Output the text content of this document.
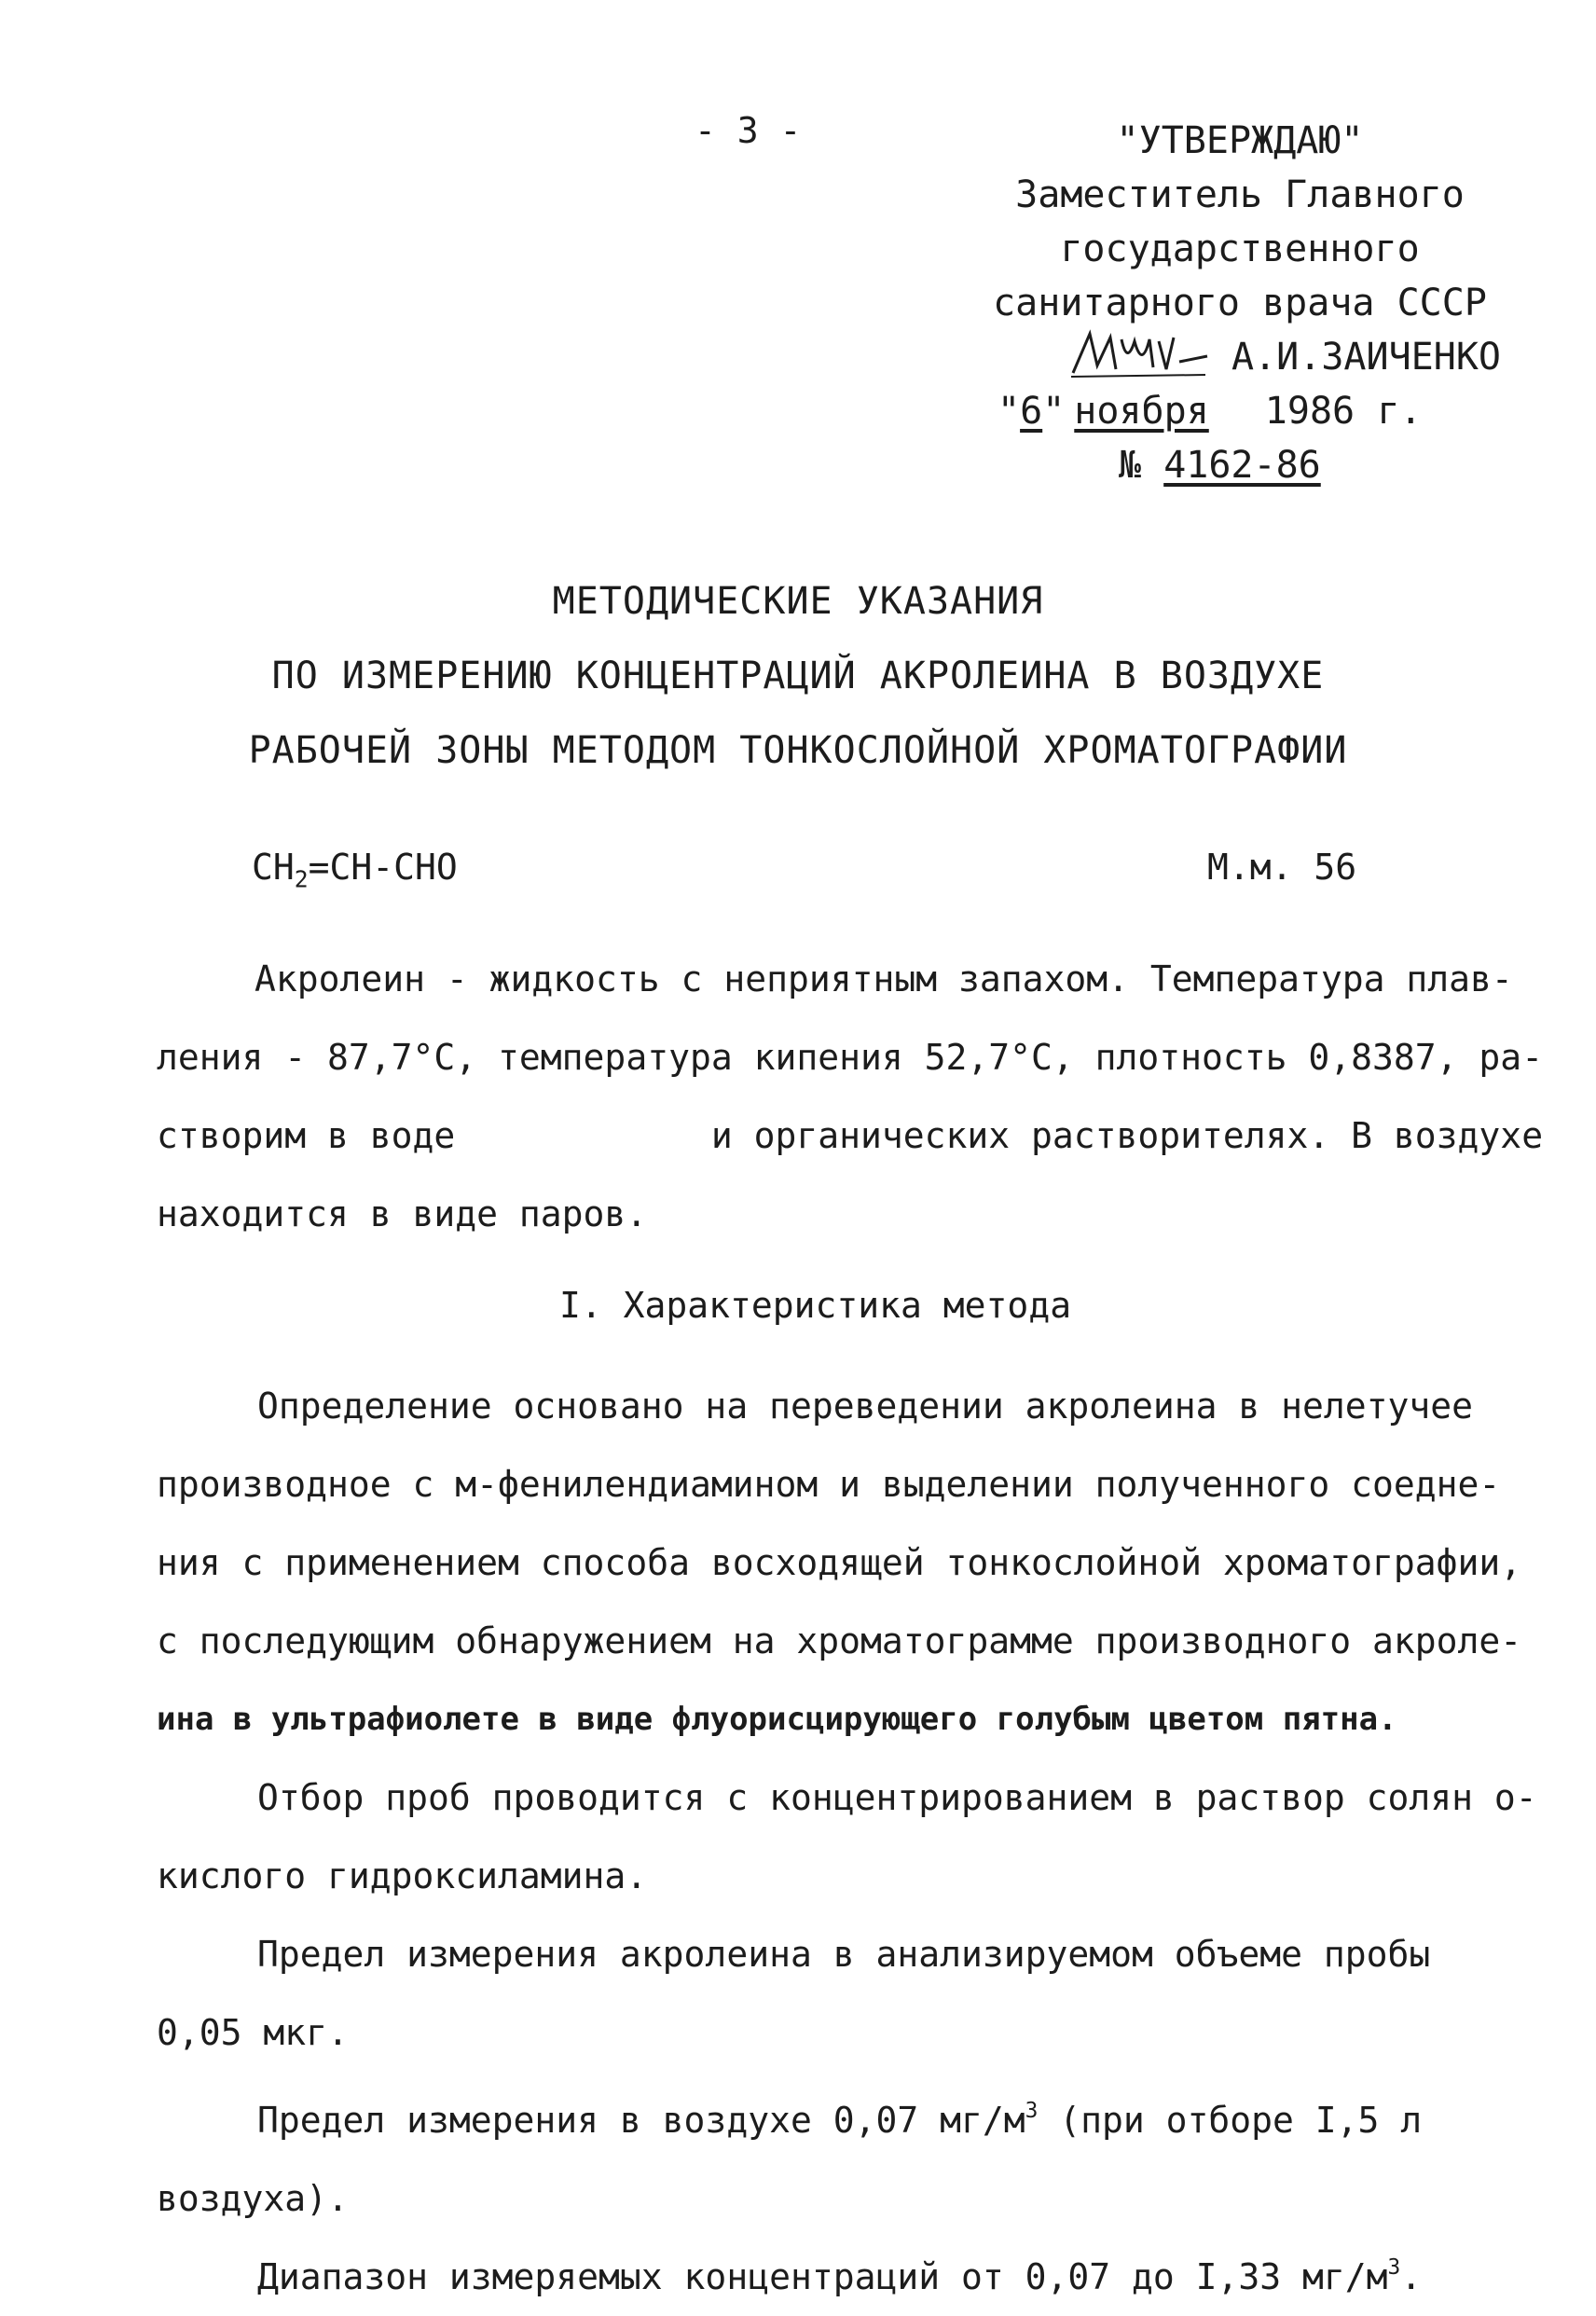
- 3 -	"УТВЕРЖДАЮ"
Заместитель Главного
государственного
санитарного врача СССР
А.И.ЗАИЧЕНКО
"6" ноября 1986 г.
№ 4162-86
МЕТОДИЧЕСКИЕ УКАЗАНИЯ
ПО ИЗМЕРЕНИЮ КОНЦЕНТРАЦИЙ АКРОЛЕИНА В ВОЗДУХЕ
РАБОЧЕЙ ЗОНЫ МЕТОДОМ ТОНКОСЛОЙНОЙ ХРОМАТОГРАФИИ
$CH_2=CH$-CHO	М.м. 56
Акролеин - жидкость с неприятным запахом. Температура плав-
ления - 87,7°С, температура кипения 52,7°С, плотность 0,8387, ра-
створим в воде            и органических растворителях. В воздухе
находится в виде паров.
I. Характеристика метода
Определение основано на переведении акролеина в нелетучее
производное с м-фенилендиамином и выделении полученного соедне-
ния с применением способа восходящей тонкослойной хроматографии,
с последующим обнаружением на хроматограмме производного акроле-
ина в ультрафиолете в виде флуорисцирующего голубым цветом пятна.
Отбор проб проводится с концентрированием в раствор солян о-
кислого гидроксиламина.
Предел измерения акролеина в анализируемом объеме пробы
0,05 мкг.
Предел измерения в воздухе 0,07 $мг/м^3$ (при отборе I,5 л
воздуха).
Диапазон измеряемых концентраций от 0,07 до I,33 $мг/м^3$.
